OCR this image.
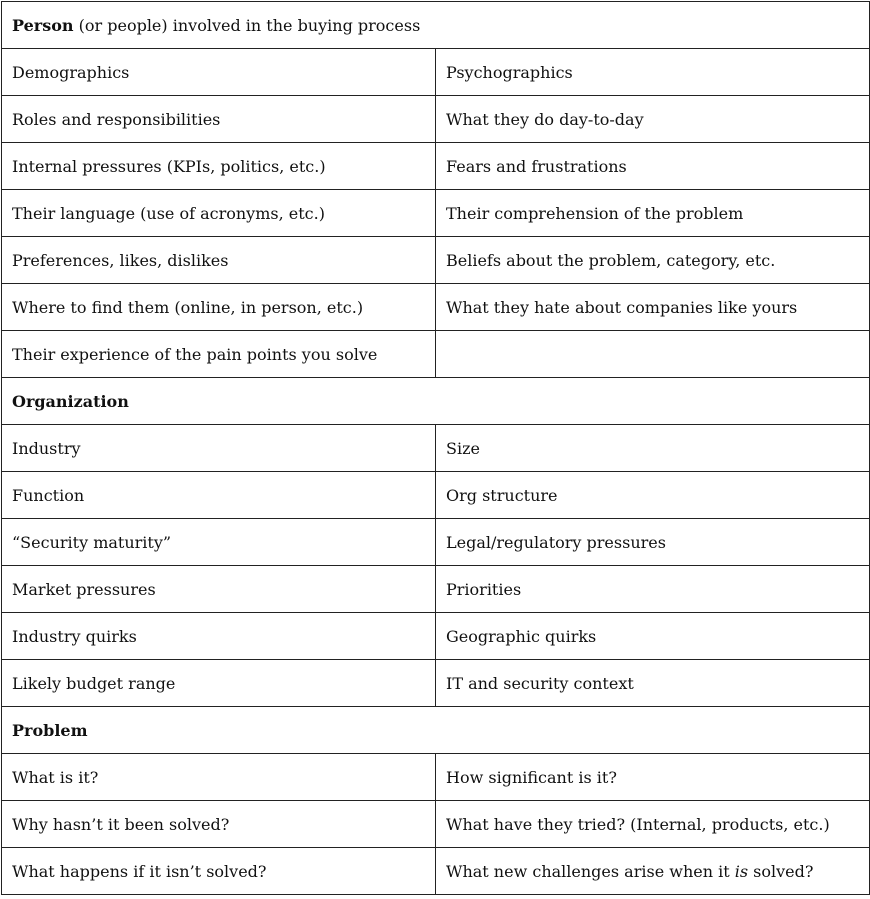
Person (or people) involved in the buying process	
Demographics	Psychographics
Roles and responsibilities	What they do day-to-day
Internal pressures (KPIs, politics, etc.)	Fears and frustrations
Their language (use of acronyms, etc.)	Their comprehension of the problem
Preferences, likes, dislikes	Beliefs about the problem, category, etc.
Where to find them (online, in person, etc.)	What they hate about companies like yours
Their experience of the pain points you solve	
Organization	
Industry	Size
Function	Org structure
“Security maturity”	Legal/regulatory pressures
Market pressures	Priorities
Industry quirks	Geographic quirks
Likely budget range	IT and security context
Problem	
What is it?	How significant is it?
Why hasn’t it been solved?	What have they tried? (Internal, products, etc.)
What happens if it isn’t solved?	What new challenges arise when it is solved?
